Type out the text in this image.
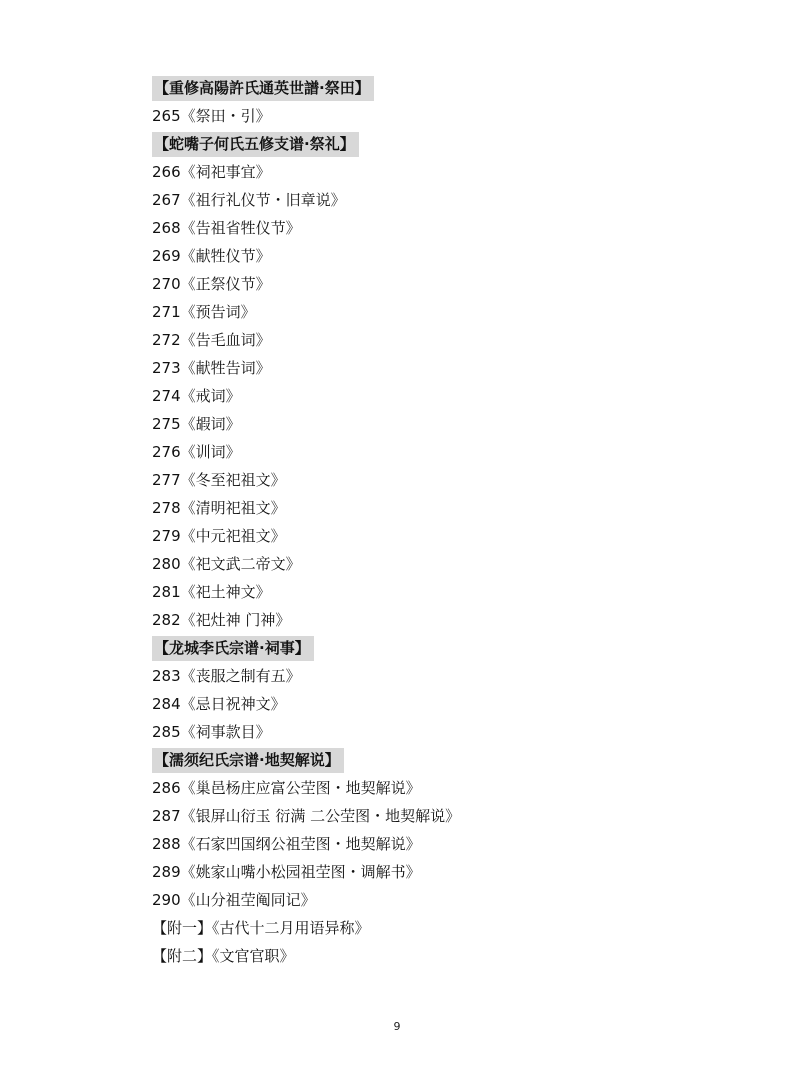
【重修高陽許氏通英世譜·祭田】
265《祭田・引》
【蛇嘴子何氏五修支谱·祭礼】
266《祠祀事宜》
267《祖行礼仪节・旧章说》
268《告祖省牲仪节》
269《献牲仪节》
270《正祭仪节》
271《预告词》
272《告毛血词》
273《献牲告词》
274《戒词》
275《嘏词》
276《训词》
277《冬至祀祖文》
278《清明祀祖文》
279《中元祀祖文》
280《祀文武二帝文》
281《祀土神文》
282《祀灶神 门神》
【龙城李氏宗谱·祠事】
283《丧服之制有五》
284《忌日祝神文》
285《祠事款目》
【濡须纪氏宗谱·地契解说】
286《巢邑杨庄应富公茔图・地契解说》
287《银屏山衍玉 衍满 二公茔图・地契解说》
288《石家凹国纲公祖茔图・地契解说》
289《姚家山嘴小松园祖茔图・调解书》
290《山分祖茔阄同记》
【附一】《古代十二月用语异称》
【附二】《文官官职》
9
